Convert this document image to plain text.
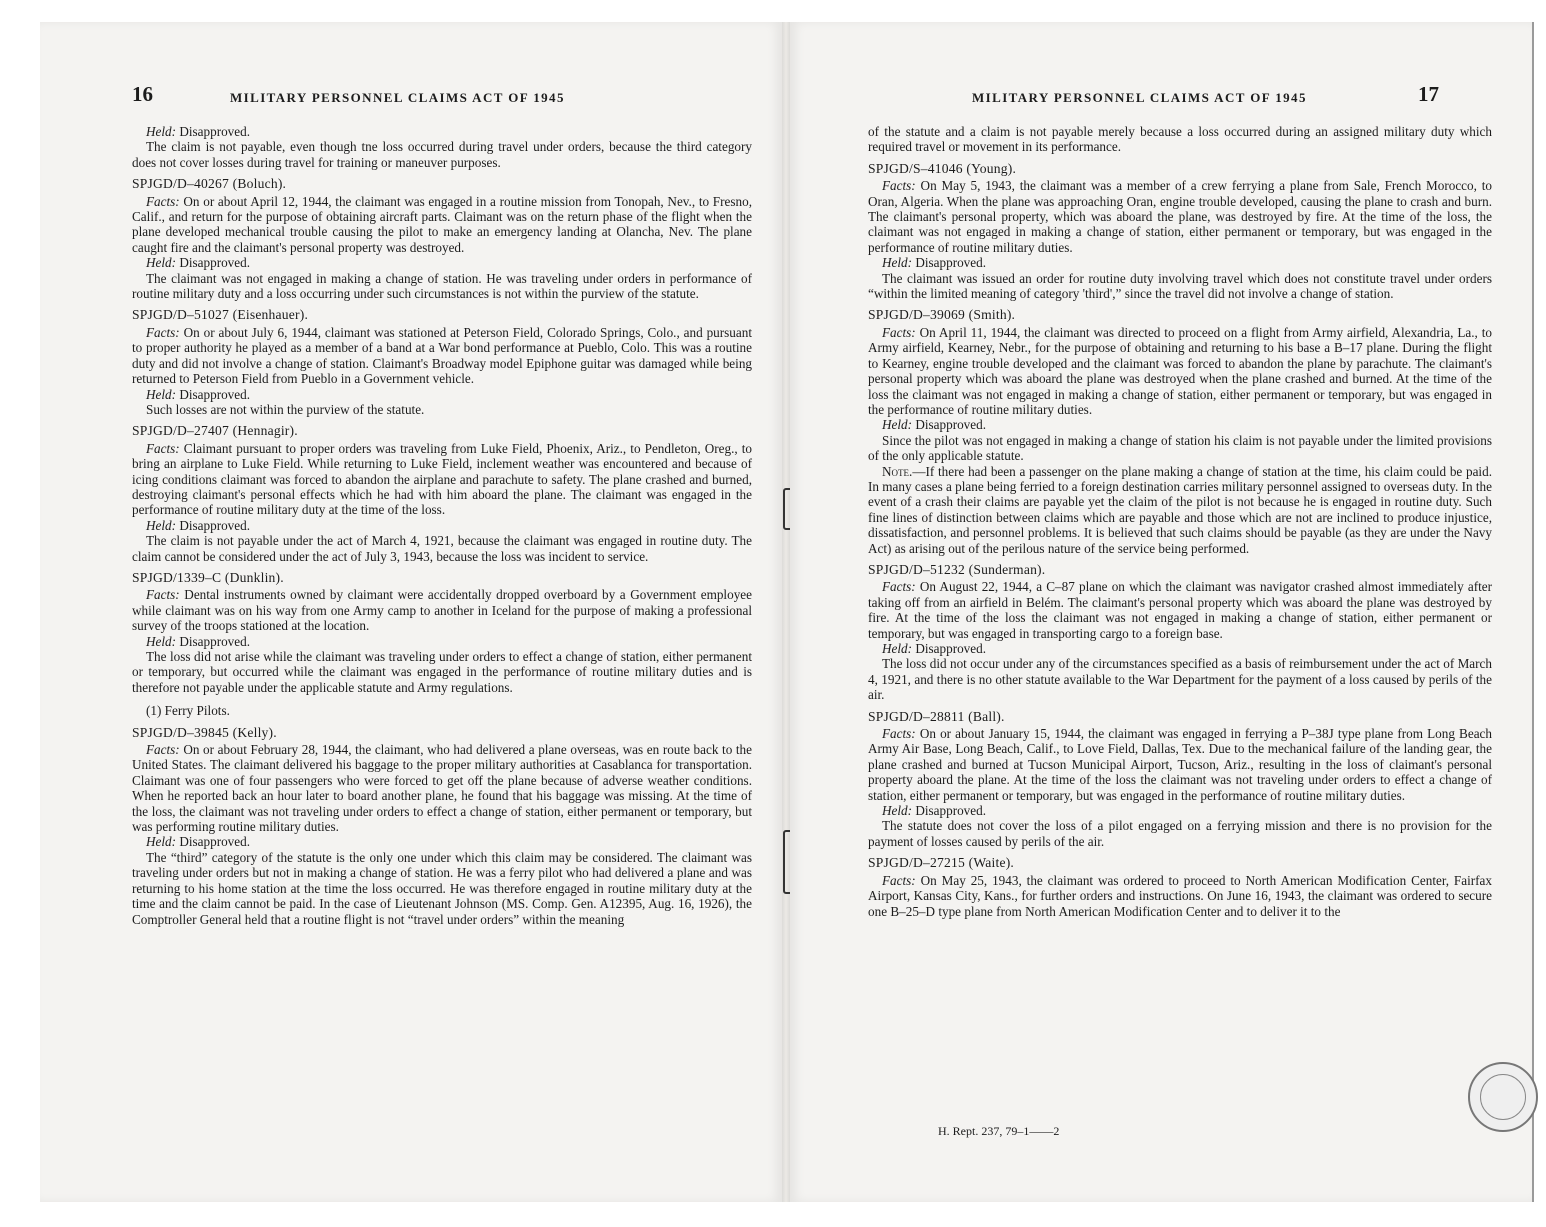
16	MILITARY PERSONNEL CLAIMS ACT OF 1945

Held: Disapproved.

The claim is not payable, even though tne loss occurred during travel under orders, because the third category does not cover losses during travel for training or maneuver purposes.

SPJGD/D–40267 (Boluch).

Facts: On or about April 12, 1944, the claimant was engaged in a routine mission from Tonopah, Nev., to Fresno, Calif., and return for the purpose of obtaining aircraft parts. Claimant was on the return phase of the flight when the plane developed mechanical trouble causing the pilot to make an emergency landing at Olancha, Nev. The plane caught fire and the claimant's personal property was destroyed.

Held: Disapproved.

The claimant was not engaged in making a change of station. He was traveling under orders in performance of routine military duty and a loss occurring under such circumstances is not within the purview of the statute.

SPJGD/D–51027 (Eisenhauer).

Facts: On or about July 6, 1944, claimant was stationed at Peterson Field, Colorado Springs, Colo., and pursuant to proper authority he played as a member of a band at a War bond performance at Pueblo, Colo. This was a routine duty and did not involve a change of station. Claimant's Broadway model Epiphone guitar was damaged while being returned to Peterson Field from Pueblo in a Government vehicle.

Held: Disapproved.

Such losses are not within the purview of the statute.

SPJGD/D–27407 (Hennagir).

Facts: Claimant pursuant to proper orders was traveling from Luke Field, Phoenix, Ariz., to Pendleton, Oreg., to bring an airplane to Luke Field. While returning to Luke Field, inclement weather was encountered and because of icing conditions claimant was forced to abandon the airplane and parachute to safety. The plane crashed and burned, destroying claimant's personal effects which he had with him aboard the plane. The claimant was engaged in the performance of routine military duty at the time of the loss.

Held: Disapproved.

The claim is not payable under the act of March 4, 1921, because the claimant was engaged in routine duty. The claim cannot be considered under the act of July 3, 1943, because the loss was incident to service.

SPJGD/1339–C (Dunklin).

Facts: Dental instruments owned by claimant were accidentally dropped overboard by a Government employee while claimant was on his way from one Army camp to another in Iceland for the purpose of making a professional survey of the troops stationed at the location.

Held: Disapproved.

The loss did not arise while the claimant was traveling under orders to effect a change of station, either permanent or temporary, but occurred while the claimant was engaged in the performance of routine military duties and is therefore not payable under the applicable statute and Army regulations.

(1) Ferry Pilots.

SPJGD/D–39845 (Kelly).

Facts: On or about February 28, 1944, the claimant, who had delivered a plane overseas, was en route back to the United States. The claimant delivered his baggage to the proper military authorities at Casablanca for transportation. Claimant was one of four passengers who were forced to get off the plane because of adverse weather conditions. When he reported back an hour later to board another plane, he found that his baggage was missing. At the time of the loss, the claimant was not traveling under orders to effect a change of station, either permanent or temporary, but was performing routine military duties.

Held: Disapproved.

The “third” category of the statute is the only one under which this claim may be considered. The claimant was traveling under orders but not in making a change of station. He was a ferry pilot who had delivered a plane and was returning to his home station at the time the loss occurred. He was therefore engaged in routine military duty at the time and the claim cannot be paid. In the case of Lieutenant Johnson (MS. Comp. Gen. A12395, Aug. 16, 1926), the Comptroller General held that a routine flight is not “travel under orders” within the meaning

MILITARY PERSONNEL CLAIMS ACT OF 1945	17

of the statute and a claim is not payable merely because a loss occurred during an assigned military duty which required travel or movement in its performance.

SPJGD/S–41046 (Young).

Facts: On May 5, 1943, the claimant was a member of a crew ferrying a plane from Sale, French Morocco, to Oran, Algeria. When the plane was approaching Oran, engine trouble developed, causing the plane to crash and burn. The claimant's personal property, which was aboard the plane, was destroyed by fire. At the time of the loss, the claimant was not engaged in making a change of station, either permanent or temporary, but was engaged in the performance of routine military duties.

Held: Disapproved.

The claimant was issued an order for routine duty involving travel which does not constitute travel under orders “within the limited meaning of category 'third',” since the travel did not involve a change of station.

SPJGD/D–39069 (Smith).

Facts: On April 11, 1944, the claimant was directed to proceed on a flight from Army airfield, Alexandria, La., to Army airfield, Kearney, Nebr., for the purpose of obtaining and returning to his base a B–17 plane. During the flight to Kearney, engine trouble developed and the claimant was forced to abandon the plane by parachute. The claimant's personal property which was aboard the plane was destroyed when the plane crashed and burned. At the time of the loss the claimant was not engaged in making a change of station, either permanent or temporary, but was engaged in the performance of routine military duties.

Held: Disapproved.

Since the pilot was not engaged in making a change of station his claim is not payable under the limited provisions of the only applicable statute.

Note.—If there had been a passenger on the plane making a change of station at the time, his claim could be paid. In many cases a plane being ferried to a foreign destination carries military personnel assigned to overseas duty. In the event of a crash their claims are payable yet the claim of the pilot is not because he is engaged in routine duty. Such fine lines of distinction between claims which are payable and those which are not are inclined to produce injustice, dissatisfaction, and personnel problems. It is believed that such claims should be payable (as they are under the Navy Act) as arising out of the perilous nature of the service being performed.

SPJGD/D–51232 (Sunderman).

Facts: On August 22, 1944, a C–87 plane on which the claimant was navigator crashed almost immediately after taking off from an airfield in Belém. The claimant's personal property which was aboard the plane was destroyed by fire. At the time of the loss the claimant was not engaged in making a change of station, either permanent or temporary, but was engaged in transporting cargo to a foreign base.

Held: Disapproved.

The loss did not occur under any of the circumstances specified as a basis of reimbursement under the act of March 4, 1921, and there is no other statute available to the War Department for the payment of a loss caused by perils of the air.

SPJGD/D–28811 (Ball).

Facts: On or about January 15, 1944, the claimant was engaged in ferrying a P–38J type plane from Long Beach Army Air Base, Long Beach, Calif., to Love Field, Dallas, Tex. Due to the mechanical failure of the landing gear, the plane crashed and burned at Tucson Municipal Airport, Tucson, Ariz., resulting in the loss of claimant's personal property aboard the plane. At the time of the loss the claimant was not traveling under orders to effect a change of station, either permanent or temporary, but was engaged in the performance of routine military duties.

Held: Disapproved.

The statute does not cover the loss of a pilot engaged on a ferrying mission and there is no provision for the payment of losses caused by perils of the air.

SPJGD/D–27215 (Waite).

Facts: On May 25, 1943, the claimant was ordered to proceed to North American Modification Center, Fairfax Airport, Kansas City, Kans., for further orders and instructions. On June 16, 1943, the claimant was ordered to secure one B–25–D type plane from North American Modification Center and to deliver it to the

H. Rept. 237, 79–1——2
